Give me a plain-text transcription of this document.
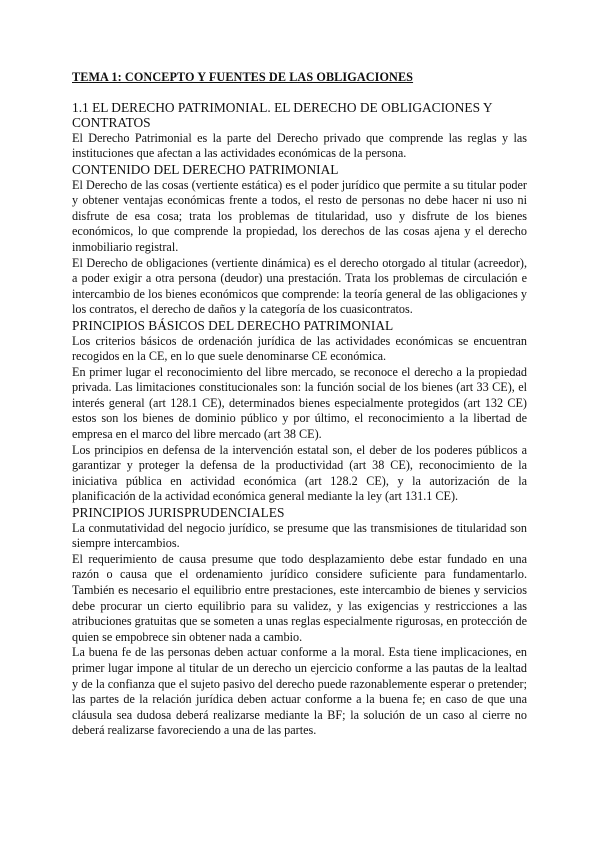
TEMA 1: CONCEPTO Y FUENTES DE LAS OBLIGACIONES

1.1 EL DERECHO PATRIMONIAL. EL DERECHO DE OBLIGACIONES Y CONTRATOS

El Derecho Patrimonial es la parte del Derecho privado que comprende las reglas y las instituciones que afectan a las actividades económicas de la persona.

CONTENIDO DEL DERECHO PATRIMONIAL

El Derecho de las cosas (vertiente estática) es el poder jurídico que permite a su titular poder y obtener ventajas económicas frente a todos, el resto de personas no debe hacer ni uso ni disfrute de esa cosa; trata los problemas de titularidad, uso y disfrute de los bienes económicos, lo que comprende la propiedad, los derechos de las cosas ajena y el derecho inmobiliario registral.

El Derecho de obligaciones (vertiente dinámica) es el derecho otorgado al titular (acreedor), a poder exigir a otra persona (deudor) una prestación. Trata los problemas de circulación e intercambio de los bienes económicos que comprende: la teoría general de las obligaciones y los contratos, el derecho de daños y la categoría de los cuasicontratos.

PRINCIPIOS BÁSICOS DEL DERECHO PATRIMONIAL

Los criterios básicos de ordenación jurídica de las actividades económicas se encuentran recogidos en la CE, en lo que suele denominarse CE económica.

En primer lugar el reconocimiento del libre mercado, se reconoce el derecho a la propiedad privada. Las limitaciones constitucionales son: la función social de los bienes (art 33 CE), el interés general (art 128.1 CE), determinados bienes especialmente protegidos (art 132 CE) estos son los bienes de dominio público y por último, el reconocimiento a la libertad de empresa en el marco del libre mercado (art 38 CE).

Los principios en defensa de la intervención estatal son, el deber de los poderes públicos a garantizar y proteger la defensa de la productividad (art 38 CE), reconocimiento de la iniciativa pública en actividad económica (art 128.2 CE), y la autorización de la planificación de la actividad económica general mediante la ley (art 131.1 CE).

PRINCIPIOS JURISPRUDENCIALES

La conmutatividad del negocio jurídico, se presume que las transmisiones de titularidad son siempre intercambios.

El requerimiento de causa presume que todo desplazamiento debe estar fundado en una razón o causa que el ordenamiento jurídico considere suficiente para fundamentarlo. También es necesario el equilibrio entre prestaciones, este intercambio de bienes y servicios debe procurar un cierto equilibrio para su validez, y las exigencias y restricciones a las atribuciones gratuitas que se someten a unas reglas especialmente rigurosas, en protección de quien se empobrece sin obtener nada a cambio.

La buena fe de las personas deben actuar conforme a la moral. Esta tiene implicaciones, en primer lugar impone al titular de un derecho un ejercicio conforme a las pautas de la lealtad y de la confianza que el sujeto pasivo del derecho puede razonablemente esperar o pretender; las partes de la relación jurídica deben actuar conforme a la buena fe; en caso de que una cláusula sea dudosa deberá realizarse mediante la BF; la solución de un caso al cierre no deberá realizarse favoreciendo a una de las partes.
